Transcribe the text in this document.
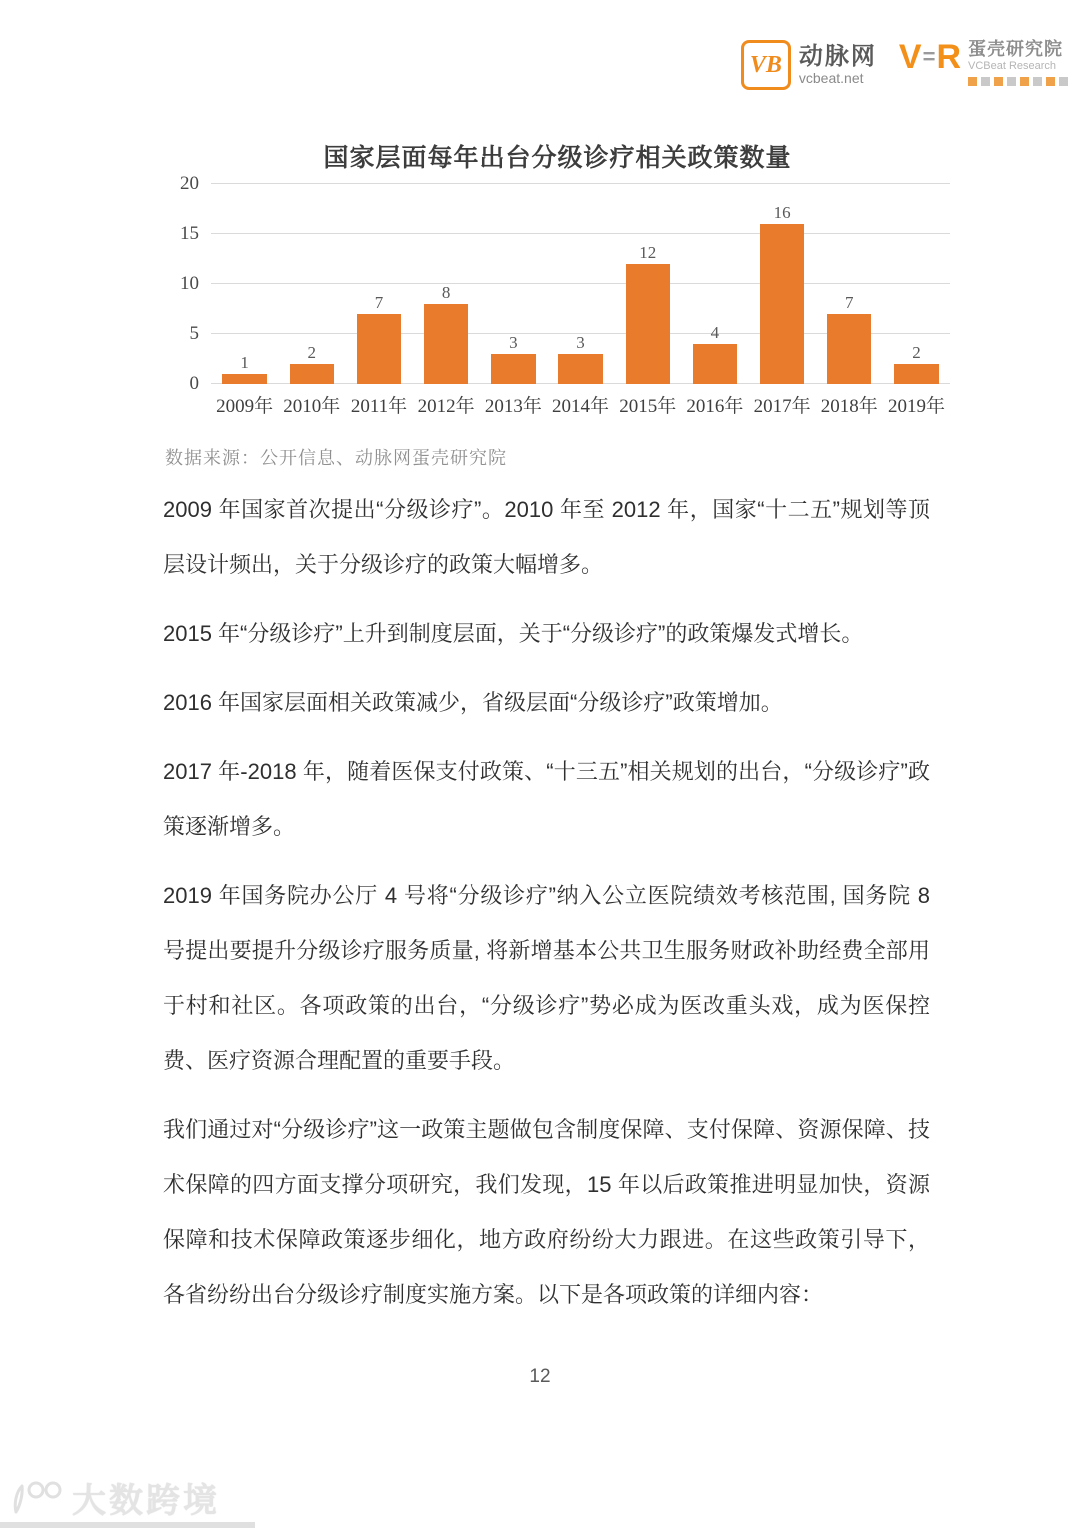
VB 动脉网
vcbeat.net
V = R 蛋壳研究院
VCBeat Research
国家层面每年出台分级诊疗相关政策数量
0
5
10
15
20
1
2
7
8
3	3
12
4
16
7
2
2009年 2010年 2011年 2012年 2013年 2014年 2015年 2016年 2017年 2018年 2019年
数据来源：公开信息、动脉网蛋壳研究院

2009 年国家首次提出“分级诊疗”。2010 年至 2012 年，国家“十二五”规划等顶层设计频出，关于分级诊疗的政策大幅增多。

2015 年“分级诊疗”上升到制度层面，关于“分级诊疗”的政策爆发式增长。

2016 年国家层面相关政策减少，省级层面“分级诊疗”政策增加。

2017 年-2018 年，随着医保支付政策、“十三五”相关规划的出台，“分级诊疗”政策逐渐增多。

2019 年国务院办公厅 4 号将“分级诊疗”纳入公立医院绩效考核范围, 国务院 8 号提出要提升分级诊疗服务质量, 将新增基本公共卫生服务财政补助经费全部用于村和社区。各项政策的出台，“分级诊疗”势必成为医改重头戏，成为医保控费、医疗资源合理配置的重要手段。

我们通过对“分级诊疗”这一政策主题做包含制度保障、支付保障、资源保障、技术保障的四方面支撑分项研究，我们发现，15 年以后政策推进明显加快，资源保障和技术保障政策逐步细化，地方政府纷纷大力跟进。在这些政策引导下，各省纷纷出台分级诊疗制度实施方案。以下是各项政策的详细内容：

12
大数跨境
